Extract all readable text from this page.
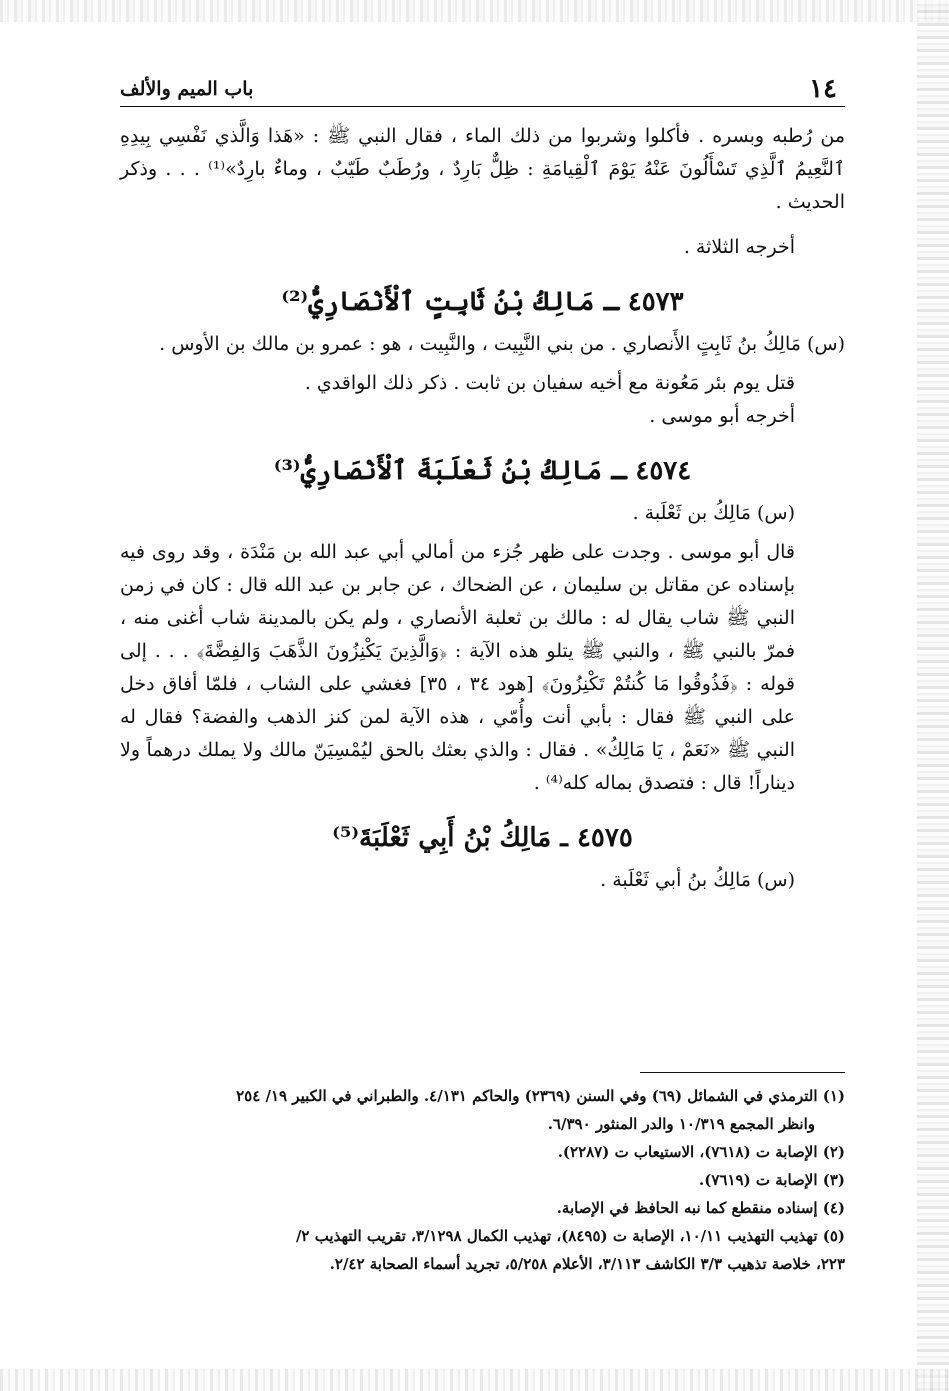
١٤
باب الميم والألف

من رُطبه وبسره . فأكلوا وشربوا من ذلك الماء ، فقال النبي ﷺ : «هَذا وَالَّذي نَفْسِي بِيدِهِ ٱلنَّعِيمُ ٱلَّذِي تَسْأَلُونَ عَنْهُ يَوْمَ ٱلْقِيامَةِ : ظِلٌّ بَارِدٌ ، ورُطَبٌ طَيّبٌ ، وماءٌ بارِدٌ»⁽¹⁾ . . . وذكر الحديث .

أخرجه الثلاثة .

٤٥٧٣ ـ مَالِكُ بْنُ ثَابِتٍ ٱلْأَنْصَارِيُّ⁽²⁾

(س) مَالِكُ بنُ ثَابِتٍ الأَنصاري . من بني النَّبِيت ، والنَّبِيت ، هو : عمرو بن مالك بن الأوس .

قتل يوم بئر مَعُونة مع أخيه سفيان بن ثابت . ذكر ذلك الواقدي .

أخرجه أبو موسى .

٤٥٧٤ ـ مَالِكُ بْنُ ثَعْلَبَةَ ٱلْأَنْصَارِيُّ⁽³⁾

(س) مَالِكُ بن ثَعْلَبة .

قال أبو موسى . وجدت على ظهر جُزء من أمالي أبي عبد الله بن مَنْدَة ، وقد روى فيه بإسناده عن مقاتل بن سليمان ، عن الضحاك ، عن جابر بن عبد الله قال : كان في زمن النبي ﷺ شاب يقال له : مالك بن ثعلبة الأنصاري ، ولم يكن بالمدينة شاب أغنى منه ، فمرّ بالنبي ﷺ ، والنبي ﷺ يتلو هذه الآية : ﴿وَالَّذِينَ يَكْنِزُونَ الذَّهَبَ وَالفِضَّةَ﴾ . . . إلى قوله : ﴿فَذُوقُوا مَا كُنتُمْ تَكْنِزُونَ﴾ [هود ٣٤ ، ٣٥] فغشي على الشاب ، فلمّا أفاق دخل على النبي ﷺ فقال : بأبي أنت وأُمّي ، هذه الآية لمن كنز الذهب والفضة؟ فقال له النبي ﷺ «نَعَمْ ، يَا مَالِكُ» . فقال : والذي بعثك بالحق ليُمْسِيَنّ مالك ولا يملك درهماً ولا ديناراً! قال : فتصدق بماله كله⁽⁴⁾ .

٤٥٧٥ ـ مَالِكُ بْنُ أَبِي ثَعْلَبَةَ⁽⁵⁾

(س) مَالِكُ بنُ أبي ثَعْلَبة .

(١) الترمذي في الشمائل (٦٩) وفي السنن (٢٣٦٩) والحاكم ٤/١٣١. والطبراني في الكبير ١٩/ ٢٥٤
وانظر المجمع ١٠/٣١٩ والدر المنثور ٦/٣٩٠.
(٢) الإصابة ت (٧٦١٨)، الاستيعاب ت (٢٢٨٧).
(٣) الإصابة ت (٧٦١٩).
(٤) إسناده منقطع كما نبه الحافظ في الإصابة.
(٥) تهذيب التهذيب ١٠/١١، الإصابة ت (٨٤٩٥)، تهذيب الكمال ٣/١٢٩٨، تقريب التهذيب ٢/
٢٢٣، خلاصة تذهيب ٣/٣ الكاشف ٣/١١٣، الأعلام ٥/٢٥٨، تجريد أسماء الصحابة ٢/٤٢.
